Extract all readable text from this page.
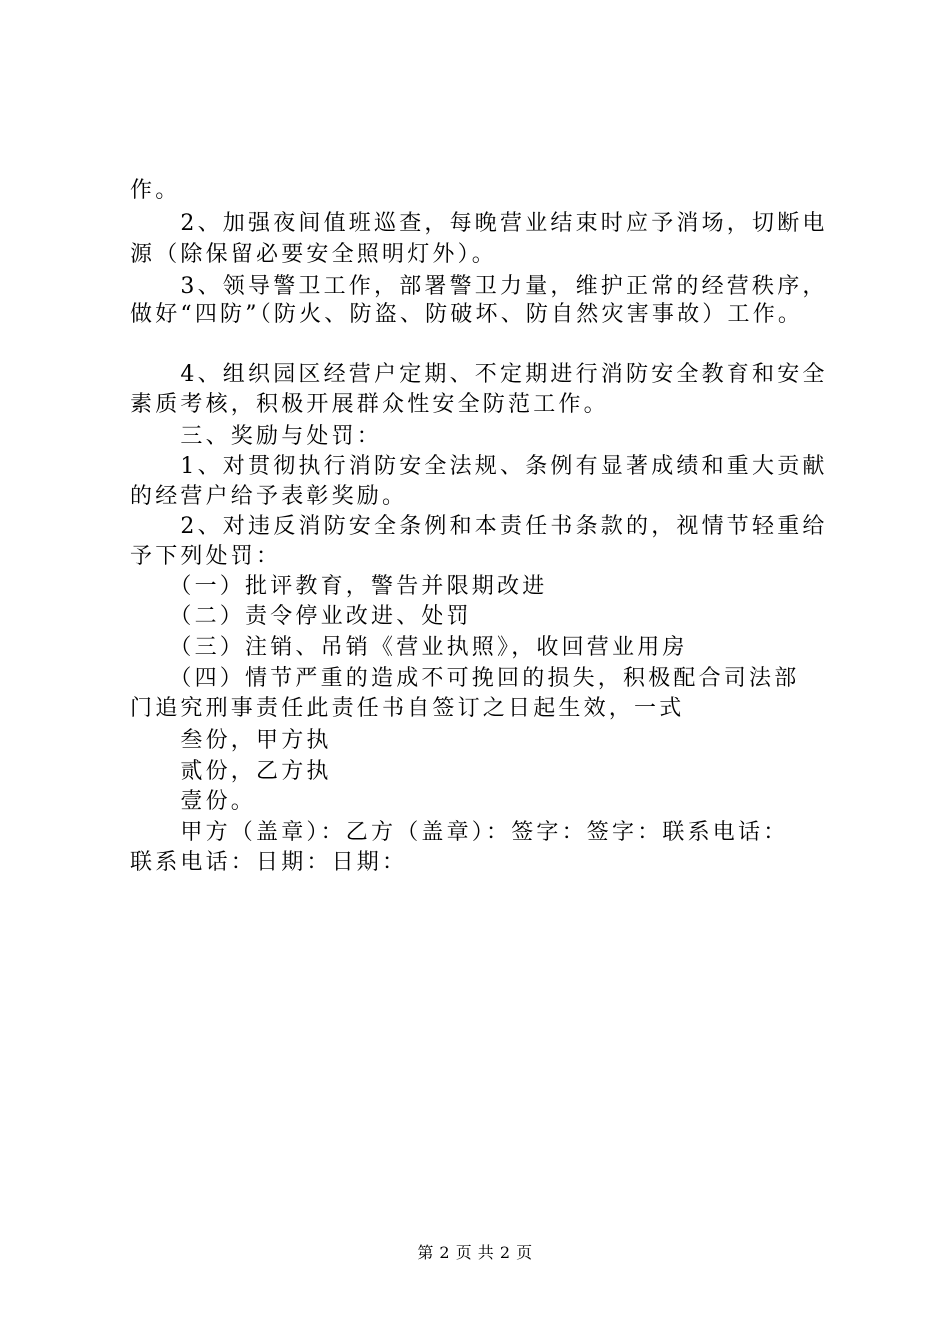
作。
　　2、加强夜间值班巡查，每晚营业结束时应予消场，切断电
源（除保留必要安全照明灯外）。
　　3、领导警卫工作，部署警卫力量，维护正常的经营秩序，
做好“四防”（防火、防盗、防破坏、防自然灾害事故）工作。
　　4、组织园区经营户定期、不定期进行消防安全教育和安全
素质考核，积极开展群众性安全防范工作。
　　三、奖励与处罚：
　　1、对贯彻执行消防安全法规、条例有显著成绩和重大贡献
的经营户给予表彰奖励。
　　2、对违反消防安全条例和本责任书条款的，视情节轻重给
予下列处罚：
　　（一）批评教育，警告并限期改进
　　（二）责令停业改进、处罚
　　（三）注销、吊销《营业执照》，收回营业用房
　　（四）情节严重的造成不可挽回的损失，积极配合司法部
门追究刑事责任此责任书自签订之日起生效，一式
　　叁份，甲方执
　　贰份，乙方执
　　壹份。
　　甲方（盖章）：乙方（盖章）：签字：签字：联系电话：
联系电话：日期：日期：
第 2 页 共 2 页
